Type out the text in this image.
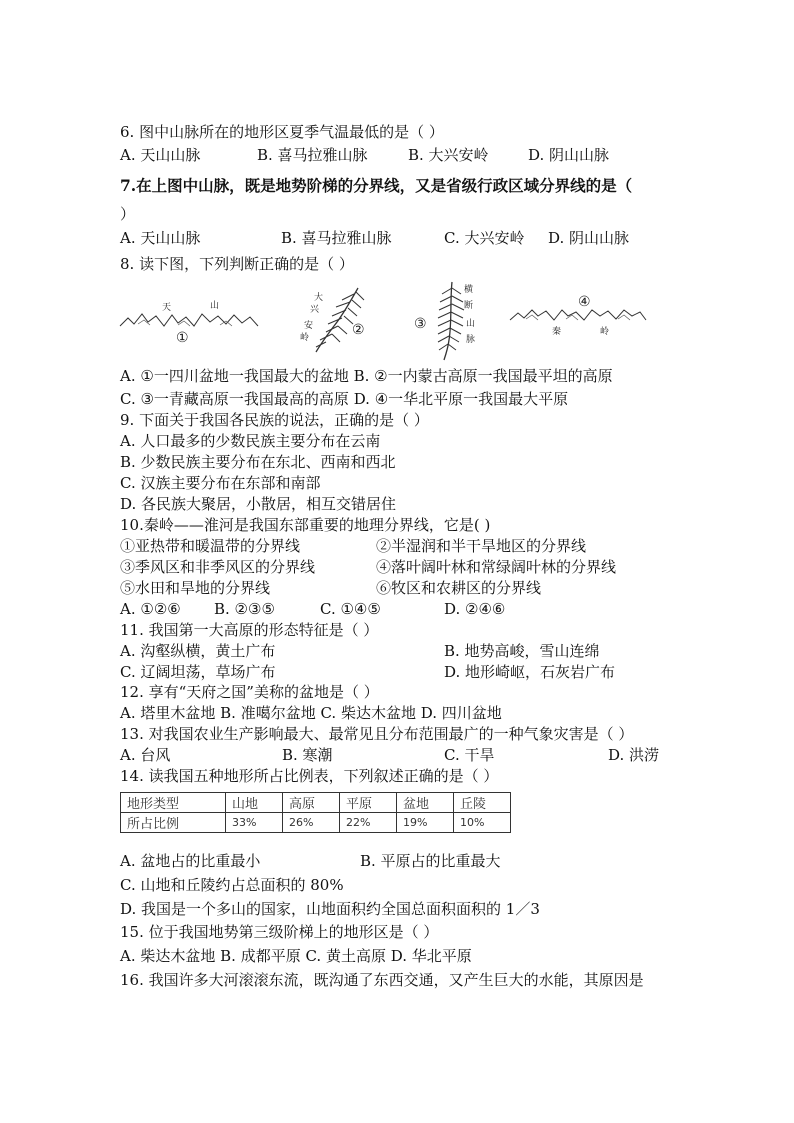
6. 图中山脉所在的地形区夏季气温最低的是（ ）
A. 天山山脉	B. 喜马拉雅山脉	B. 大兴安岭	D. 阴山山脉
7.在上图中山脉，既是地势阶梯的分界线，又是省级行政区域分界线的是（
）
A. 天山山脉	B. 喜马拉雅山脉	C. 大兴安岭 D. 阴山山脉
8. 读下图，下列判断正确的是（ ）
天	山
①
大
兴
安
岭	②
横
断
山
脉
③
④
秦	岭
A. ①一四川盆地一我国最大的盆地 B. ②一内蒙古高原一我国最平坦的高原
C. ③一青藏高原一我国最高的高原 D. ④一华北平原一我国最大平原
9. 下面关于我国各民族的说法，正确的是（ ）
A. 人口最多的少数民族主要分布在云南
B. 少数民族主要分布在东北、西南和西北
C. 汉族主要分布在东部和南部
D. 各民族大聚居，小散居，相互交错居住
10.秦岭——淮河是我国东部重要的地理分界线，它是( )
①亚热带和暖温带的分界线	②半湿润和半干旱地区的分界线
③季风区和非季风区的分界线	④落叶阔叶林和常绿阔叶林的分界线
⑤水田和旱地的分界线	⑥牧区和农耕区的分界线
A. ①②⑥ B. ②③⑤	C. ①④⑤	D. ②④⑥
11. 我国第一大高原的形态特征是（ ）
A. 沟壑纵横，黄土广布	B. 地势高峻，雪山连绵
C. 辽阔坦荡，草场广布	D. 地形崎岖，石灰岩广布
12. 享有“天府之国”美称的盆地是（ ）
A. 塔里木盆地 B. 准噶尔盆地 C. 柴达木盆地 D. 四川盆地
13. 对我国农业生产影响最大、最常见且分布范围最广的一种气象灾害是（ ）
A. 台风	B. 寒潮	C. 干旱	D. 洪涝
14. 读我国五种地形所占比例表，下列叙述正确的是（ ）
地形类型	山地	高原	平原	盆地	丘陵
所占比例	33%	26%	22%	19%	10%
A. 盆地占的比重最小	B. 平原占的比重最大
C. 山地和丘陵约占总面积的 80%
D. 我国是一个多山的国家，山地面积约全国总面积面积的 1／3
15. 位于我国地势第三级阶梯上的地形区是（ ）
A. 柴达木盆地 B. 成都平原 C. 黄土高原 D. 华北平原
16. 我国许多大河滚滚东流，既沟通了东西交通，又产生巨大的水能，其原因是
